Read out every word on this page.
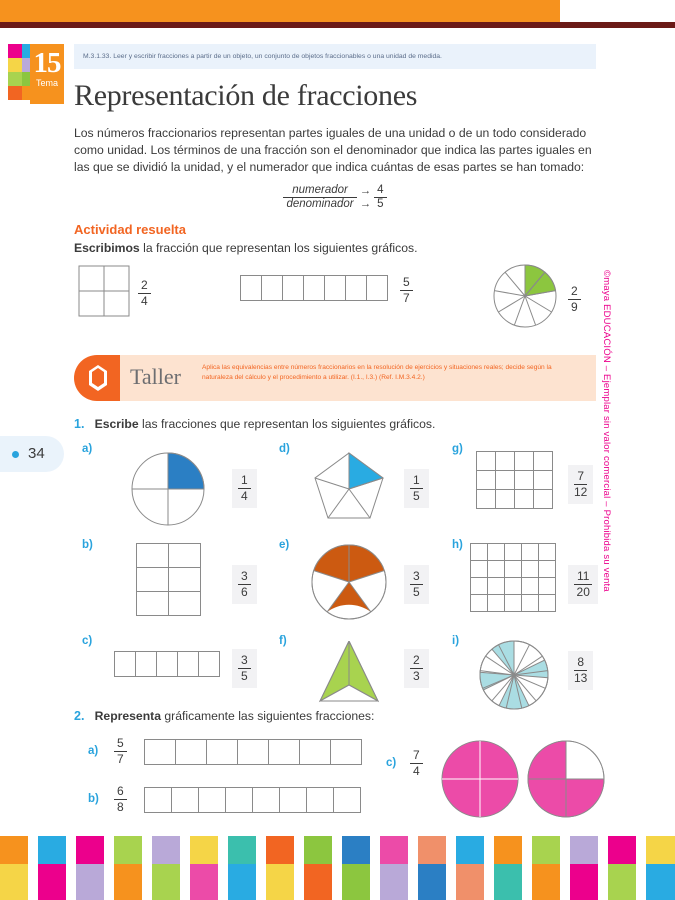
15
Tema
34	©maya EDUCACIÓN – Ejemplar sin valor comercial – Prohibida su venta
M.3.1.33. Leer y escribir fracciones a partir de un objeto, un conjunto de objetos fraccionables o una unidad de medida.
Representación de fracciones

Los números fraccionarios representan partes iguales de una unidad o de un todo considerado como unidad. Los términos de una fracción son el denominador que indica las partes iguales en las que se dividió la unidad, y el numerador que indica cuántas de esas partes se han tomado:

numerador	→	4
denominador	→	5
Actividad resuelta

Escribimos la fracción que representan los siguientes gráficos.

$\frac{2}{4}$	$\frac{5}{7}$	$\frac{2}{9}$
Taller	Aplica las equivalencias entre números fraccionarios en la resolución de ejercicios y situaciones reales; decide según la naturaleza del cálculo y el procedimiento a utilizar. (I.1., I.3.) (Ref. I.M.3.4.2.)

1. Escribe las fracciones que representan los siguientes gráficos.

a)
$\frac{1}{4}$
d)
$\frac{1}{5}$
g)
$\frac{7}{12}$
b)
$\frac{3}{6}$
e)
$\frac{3}{5}$
h)
$\frac{11}{20}$
c)
$\frac{3}{5}$
f)
$\frac{2}{3}$
i)
$\frac{8}{13}$

2. Representa gráficamente las siguientes fracciones:

$a) \frac{5}{7}$
$b) \frac{6}{8}$
$c) \frac{7}{4}$
